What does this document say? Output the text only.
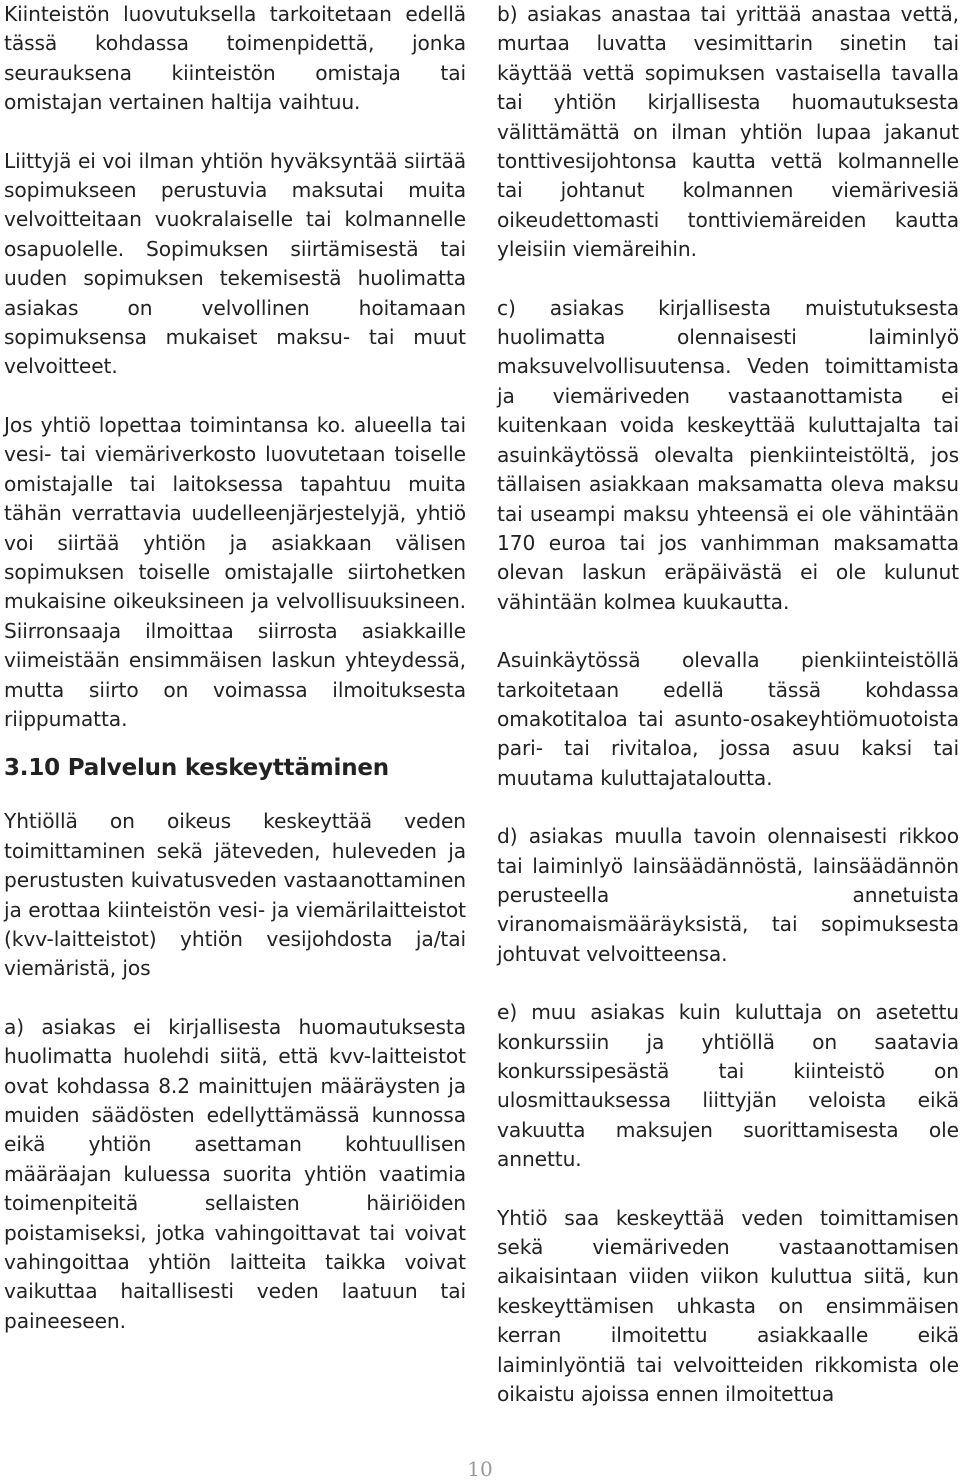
Kiinteistön luovutuksella tarkoitetaan edellä tässä kohdassa toimenpidettä, jonka seurauksena kiinteistön omistaja tai omistajan vertainen haltija vaihtuu.

Liittyjä ei voi ilman yhtiön hyväksyntää siirtää sopimukseen perustuvia maksutai muita velvoitteitaan vuokralaiselle tai kolmannelle osapuolelle. Sopimuksen siirtämisestä tai uuden sopimuksen tekemisestä huolimatta asiakas on velvollinen hoitamaan sopimuksensa mukaiset maksu- tai muut velvoitteet.

Jos yhtiö lopettaa toimintansa ko. alueella tai vesi- tai viemäriverkosto luovutetaan toiselle omistajalle tai laitoksessa tapahtuu muita tähän verrattavia uudelleenjärjestelyjä, yhtiö voi siirtää yhtiön ja asiakkaan välisen sopimuksen toiselle omistajalle siirtohetken mukaisine oikeuksineen ja velvollisuuksineen. Siirronsaaja ilmoittaa siirrosta asiakkaille viimeistään ensimmäisen laskun yhteydessä, mutta siirto on voimassa ilmoituksesta riippumatta.

3.10 Palvelun keskeyttäminen

Yhtiöllä on oikeus keskeyttää veden toimittaminen sekä jäteveden, huleveden ja perustusten kuivatusveden vastaanottaminen ja erottaa kiinteistön vesi- ja viemärilaitteistot (kvv-laitteistot) yhtiön vesijohdosta ja/tai viemäristä, jos

a) asiakas ei kirjallisesta huomautuksesta huolimatta huolehdi siitä, että kvv-laitteistot ovat kohdassa 8.2 mainittujen määräysten ja muiden säädösten edellyttämässä kunnossa eikä yhtiön asettaman kohtuullisen määräajan kuluessa suorita yhtiön vaatimia toimenpiteitä sellaisten häiriöiden poistamiseksi, jotka vahingoittavat tai voivat vahingoittaa yhtiön laitteita taikka voivat vaikuttaa haitallisesti veden laatuun tai paineeseen.

b) asiakas anastaa tai yrittää anastaa vettä, murtaa luvatta vesimittarin sinetin tai käyttää vettä sopimuksen vastaisella tavalla tai yhtiön kirjallisesta huomautuksesta välittämättä on ilman yhtiön lupaa jakanut tonttivesijohtonsa kautta vettä kolmannelle tai johtanut kolmannen viemärivesiä oikeudettomasti tonttiviemäreiden kautta yleisiin viemäreihin.

c) asiakas kirjallisesta muistutuksesta huolimatta olennaisesti laiminlyö maksuvelvollisuutensa. Veden toimittamista ja viemäriveden vastaanottamista ei kuitenkaan voida keskeyttää kuluttajalta tai asuinkäytössä olevalta pienkiinteistöltä, jos tällaisen asiakkaan maksamatta oleva maksu tai useampi maksu yhteensä ei ole vähintään 170 euroa tai jos vanhimman maksamatta olevan laskun eräpäivästä ei ole kulunut vähintään kolmea kuukautta.

Asuinkäytössä olevalla pienkiinteistöllä tarkoitetaan edellä tässä kohdassa omakotitaloa tai asunto-osakeyhtiömuotoista pari- tai rivitaloa, jossa asuu kaksi tai muutama kuluttajataloutta.

d) asiakas muulla tavoin olennaisesti rikkoo tai laiminlyö lainsäädännöstä, lainsäädännön perusteella annetuista viranomaismääräyksistä, tai sopimuksesta johtuvat velvoitteensa.

e) muu asiakas kuin kuluttaja on asetettu konkurssiin ja yhtiöllä on saatavia konkurssipesästä tai kiinteistö on ulosmittauksessa liittyjän veloista eikä vakuutta maksujen suorittamisesta ole annettu.

Yhtiö saa keskeyttää veden toimittamisen sekä viemäriveden vastaanottamisen aikaisintaan viiden viikon kuluttua siitä, kun keskeyttämisen uhkasta on ensimmäisen kerran ilmoitettu asiakkaalle eikä laiminlyöntiä tai velvoitteiden rikkomista ole oikaistu ajoissa ennen ilmoitettua

10
